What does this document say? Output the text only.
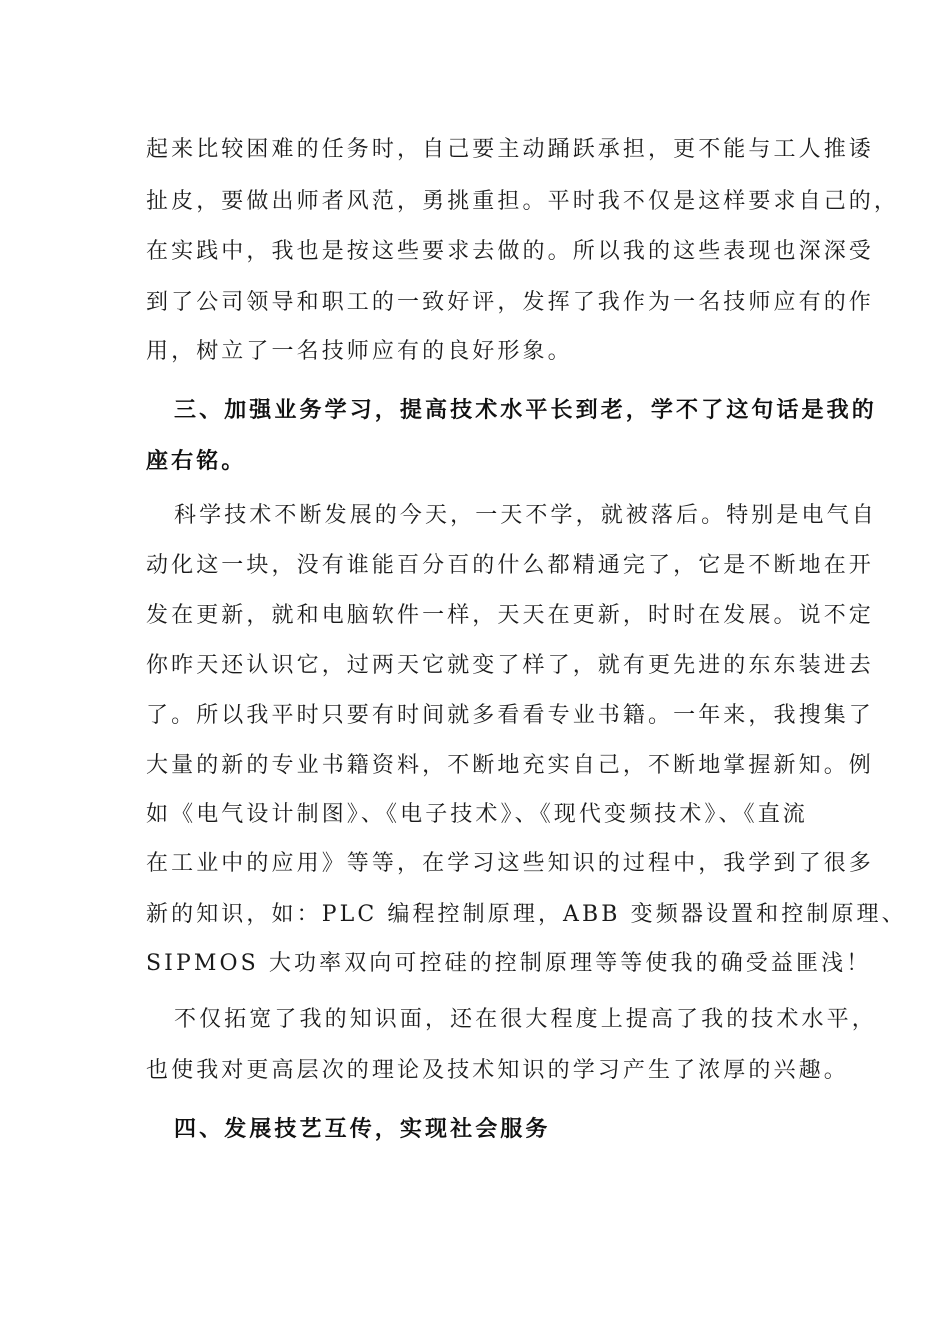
起来比较困难的任务时，自己要主动踊跃承担，更不能与工人推诿
扯皮，要做出师者风范，勇挑重担。平时我不仅是这样要求自己的，
在实践中，我也是按这些要求去做的。所以我的这些表现也深深受
到了公司领导和职工的一致好评，发挥了我作为一名技师应有的作
用，树立了一名技师应有的良好形象。
三、加强业务学习，提高技术水平长到老，学不了这句话是我的
座右铭。
科学技术不断发展的今天，一天不学，就被落后。特别是电气自
动化这一块，没有谁能百分百的什么都精通完了，它是不断地在开
发在更新，就和电脑软件一样，天天在更新，时时在发展。说不定
你昨天还认识它，过两天它就变了样了，就有更先进的东东装进去
了。所以我平时只要有时间就多看看专业书籍。一年来，我搜集了
大量的新的专业书籍资料，不断地充实自己，不断地掌握新知。例
如《电气设计制图》、《电子技术》、《现代变频技术》、《直流
在工业中的应用》等等，在学习这些知识的过程中，我学到了很多
新的知识，如：PLC 编程控制原理，ABB 变频器设置和控制原理、
SIPMOS 大功率双向可控硅的控制原理等等使我的确受益匪浅！
不仅拓宽了我的知识面，还在很大程度上提高了我的技术水平，
也使我对更高层次的理论及技术知识的学习产生了浓厚的兴趣。
四、发展技艺互传，实现社会服务
